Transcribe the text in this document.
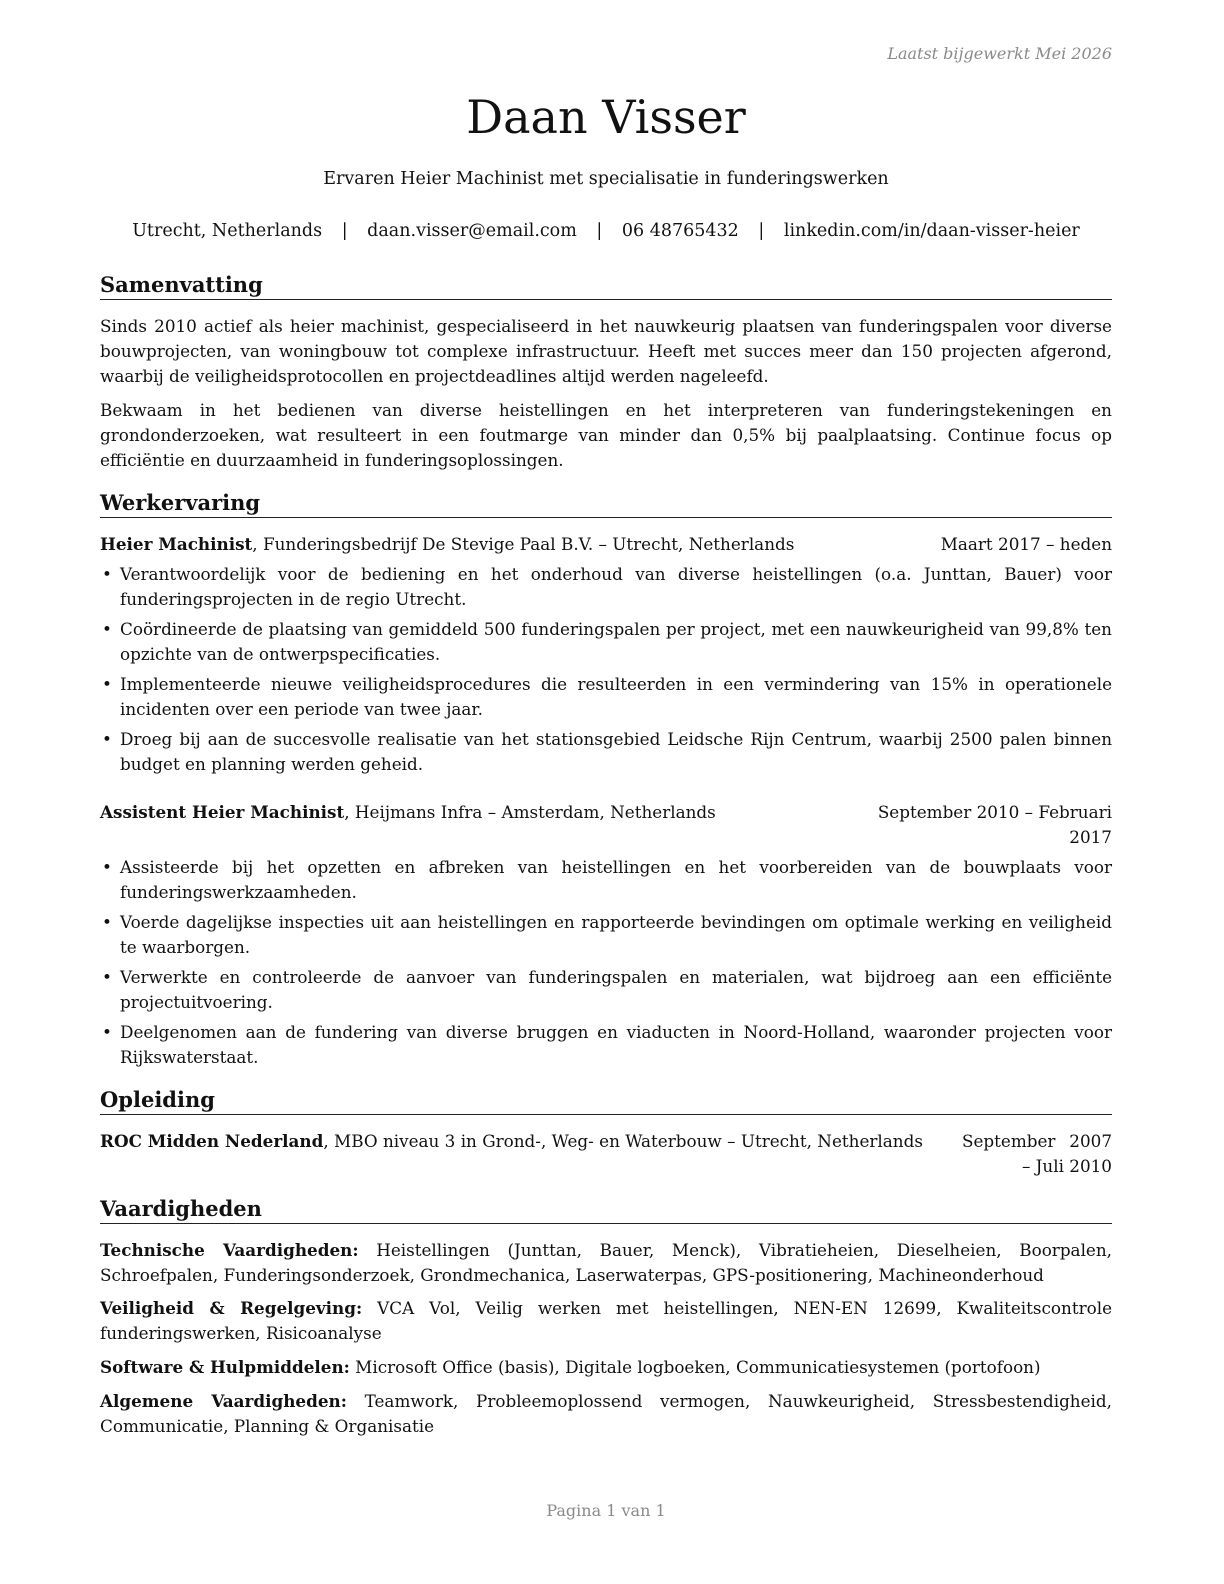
Laatst bijgewerkt Mei 2026
Daan Visser
Ervaren Heier Machinist met specialisatie in funderingswerken
Utrecht, Netherlands | daan.visser@email.com | 06 48765432 | linkedin.com/in/daan-visser-heier
Samenvatting
Sinds 2010 actief als heier machinist, gespecialiseerd in het nauwkeurig plaatsen van funderingspalen voor diverse bouwprojecten, van woningbouw tot complexe infrastructuur. Heeft met succes meer dan 150 projecten afgerond, waarbij de veiligheidsprotocollen en projectdeadlines altijd werden nageleefd.
Bekwaam in het bedienen van diverse heistellingen en het interpreteren van funderingstekeningen en grondonderzoeken, wat resulteert in een foutmarge van minder dan 0,5% bij paalplaatsing. Continue focus op efficiëntie en duurzaamheid in funderingsoplossingen.
Werkervaring
Heier Machinist, Funderingsbedrijf De Stevige Paal B.V. – Utrecht, Netherlands	Maart 2017 – heden
• Verantwoordelijk voor de bediening en het onderhoud van diverse heistellingen (o.a. Junttan, Bauer) voor funderingsprojecten in de regio Utrecht.
• Coördineerde de plaatsing van gemiddeld 500 funderingspalen per project, met een nauwkeurigheid van 99,8% ten opzichte van de ontwerpspecificaties.
• Implementeerde nieuwe veiligheidsprocedures die resulteerden in een vermindering van 15% in operationele incidenten over een periode van twee jaar.
• Droeg bij aan de succesvolle realisatie van het stationsgebied Leidsche Rijn Centrum, waarbij 2500 palen binnen budget en planning werden geheid.
Assistent Heier Machinist, Heijmans Infra – Amsterdam, Netherlands	September 2010 – Februari 2017
• Assisteerde bij het opzetten en afbreken van heistellingen en het voorbereiden van de bouwplaats voor funderingswerkzaamheden.
• Voerde dagelijkse inspecties uit aan heistellingen en rapporteerde bevindingen om optimale werking en veiligheid te waarborgen.
• Verwerkte en controleerde de aanvoer van funderingspalen en materialen, wat bijdroeg aan een efficiënte projectuitvoering.
• Deelgenomen aan de fundering van diverse bruggen en viaducten in Noord-Holland, waaronder projecten voor Rijkswaterstaat.
Opleiding
ROC Midden Nederland, MBO niveau 3 in Grond-, Weg- en Waterbouw – Utrecht, Netherlands	September 2007 – Juli 2010
Vaardigheden
Technische Vaardigheden: Heistellingen (Junttan, Bauer, Menck), Vibratieheien, Dieselheien, Boorpalen, Schroefpalen, Funderingsonderzoek, Grondmechanica, Laserwaterpas, GPS-positionering, Machineonderhoud
Veiligheid & Regelgeving: VCA Vol, Veilig werken met heistellingen, NEN-EN 12699, Kwaliteitscontrole funderingswerken, Risicoanalyse
Software & Hulpmiddelen: Microsoft Office (basis), Digitale logboeken, Communicatiesystemen (portofoon)
Algemene Vaardigheden: Teamwork, Probleemoplossend vermogen, Nauwkeurigheid, Stressbestendigheid, Communicatie, Planning & Organisatie
Pagina 1 van 1
